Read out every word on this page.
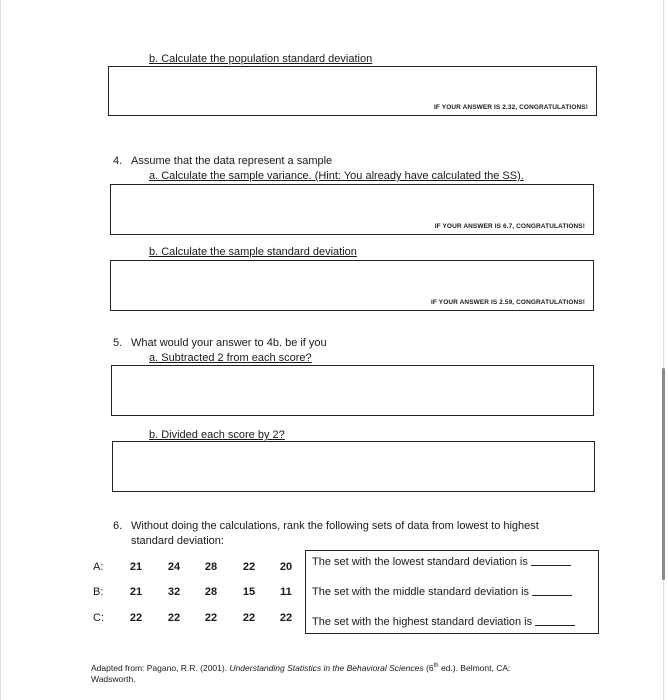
b. Calculate the population standard deviation
IF YOUR ANSWER IS 2.32, CONGRATULATIONS!
4. Assume that the data represent a sample
a. Calculate the sample variance. (Hint: You already have calculated the SS).
IF YOUR ANSWER IS 6.7, CONGRATULATIONS!
b. Calculate the sample standard deviation
IF YOUR ANSWER IS 2.59, CONGRATULATIONS!
5. What would your answer to 4b. be if you
a. Subtracted 2 from each score?
b. Divided each score by 2?
6. Without doing the calculations, rank the following sets of data from lowest to highest
standard deviation:
A:	21	24	28	22	20
B:	21	32	28	15	11
C:	22	22	22	22	22
The set with the lowest standard deviation is
The set with the middle standard deviation is
The set with the highest standard deviation is
Adapted from: Pagano, R.R. (2001). Understanding Statistics in the Behavioral Sciences (6th ed.). Belmont, CA:
Wadsworth.
